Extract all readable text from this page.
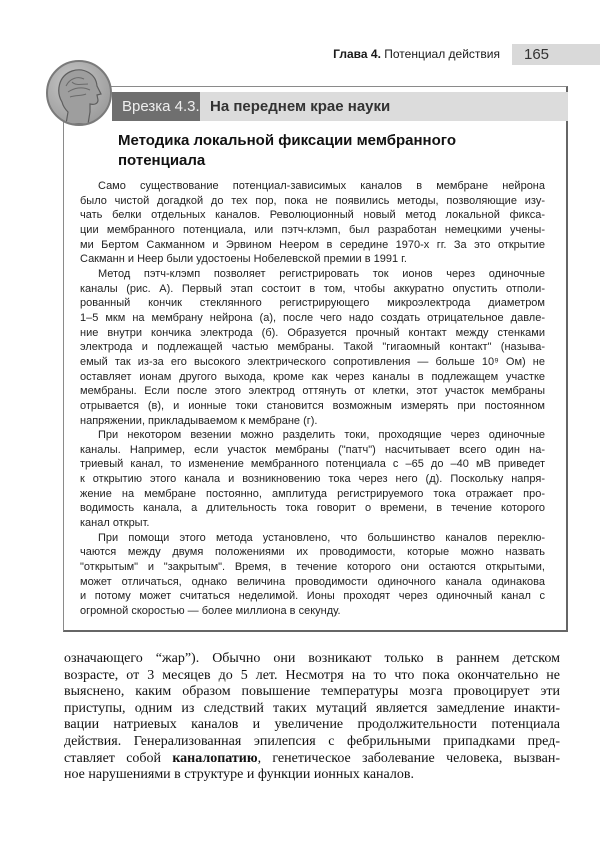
Глава 4. Потенциал действия	165
Врезка 4.3. На переднем крае науки
Методика локальной фиксации мембранного
потенциала
Само существование потенциал-зависимых каналов в мембране нейрона
было чистой догадкой до тех пор, пока не появились методы, позволяющие изу-
чать белки отдельных каналов. Революционный новый метод локальной фикса-
ции мембранного потенциала, или пэтч-клэмп, был разработан немецкими учены-
ми Бертом Сакманном и Эрвином Неером в середине 1970-х гг. За это открытие
Сакманн и Неер были удостоены Нобелевской премии в 1991 г.
Метод пэтч-клэмп позволяет регистрировать ток ионов через одиночные
каналы (рис. А). Первый этап состоит в том, чтобы аккуратно опустить отполи-
рованный кончик стеклянного регистрирующего микроэлектрода диаметром
1–5 мкм на мембрану нейрона (а), после чего надо создать отрицательное давле-
ние внутри кончика электрода (б). Образуется прочный контакт между стенками
электрода и подлежащей частью мембраны. Такой "гигаомный контакт" (называ-
емый так из-за его высокого электрического сопротивления — больше 10⁹ Ом) не
оставляет ионам другого выхода, кроме как через каналы в подлежащем участке
мембраны. Если после этого электрод оттянуть от клетки, этот участок мембраны
отрывается (в), и ионные токи становится возможным измерять при постоянном
напряжении, прикладываемом к мембране (г).
При некотором везении можно разделить токи, проходящие через одиночные
каналы. Например, если участок мембраны ("патч") насчитывает всего один на-
триевый канал, то изменение мембранного потенциала с –65 до –40 мВ приведет
к открытию этого канала и возникновению тока через него (д). Поскольку напря-
жение на мембране постоянно, амплитуда регистрируемого тока отражает про-
водимость канала, а длительность тока говорит о времени, в течение которого
канал открыт.
При помощи этого метода установлено, что большинство каналов переклю-
чаются между двумя положениями их проводимости, которые можно назвать
"открытым" и "закрытым". Время, в течение которого они остаются открытыми,
может отличаться, однако величина проводимости одиночного канала одинакова
и потому может считаться неделимой. Ионы проходят через одиночный канал с
огромной скоростью — более миллиона в секунду.
означающего “жар”). Обычно они возникают только в раннем детском
возрасте, от 3 месяцев до 5 лет. Несмотря на то что пока окончательно не
выяснено, каким образом повышение температуры мозга провоцирует эти
приступы, одним из следствий таких мутаций является замедление инакти-
вации натриевых каналов и увеличение продолжительности потенциала
действия. Генерализованная эпилепсия с фебрильными припадками пред-
ставляет собой каналопатию, генетическое заболевание человека, вызван-
ное нарушениями в структуре и функции ионных каналов.
